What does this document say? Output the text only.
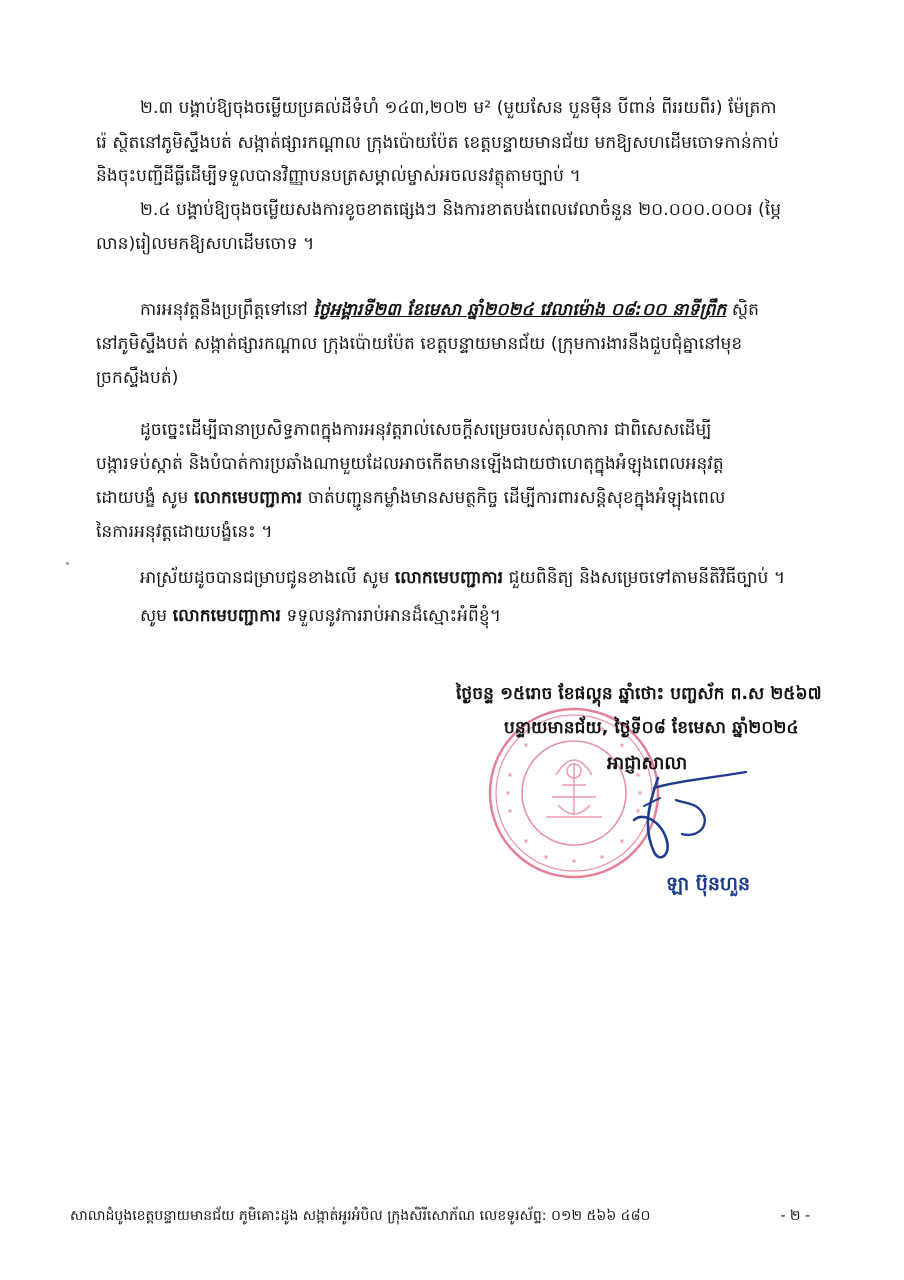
២.៣ បង្គាប់ឱ្យចុងចម្លើយប្រគល់ដីទំហំ ១៤៣,២០២ ម² (មួយសែន បួនម៉ឺន បីពាន់ ពីររយពីរ) ម៉ែត្រកា
រ៉េ ស្ថិតនៅភូមិស្ទឹងបត់ សង្កាត់ផ្សារកណ្ដាល ក្រុងប៉ោយប៉ែត ខេត្តបន្ទាយមានជ័យ មកឱ្យសហដើមចោទកាន់កាប់
និងចុះបញ្ជីដីធ្លីដើម្បីទទួលបានវិញ្ញាបនបត្រសម្គាល់ម្ចាស់អចលនវត្ថុតាមច្បាប់ ។
២.៤ បង្គាប់ឱ្យចុងចម្លើយសងការខូចខាតផ្សេងៗ និងការខាតបង់ពេលវេលាចំនួន ២០.០០០.០០០៛ (ម្ភៃ
លាន)រៀលមកឱ្យសហដើមចោទ ។
ការអនុវត្តនឹងប្រព្រឹត្តទៅនៅ ថ្ងៃអង្គារទី២៣ ខែមេសា ឆ្នាំ២០២៤ វេលាម៉ោង ០៨:០០ នាទីព្រឹក ស្ថិត
នៅភូមិស្ទឹងបត់ សង្កាត់ផ្សារកណ្ដាល ក្រុងប៉ោយប៉ែត ខេត្តបន្ទាយមានជ័យ (ក្រុមការងារនឹងជួបជុំគ្នានៅមុខ
ច្រកស្ទឹងបត់)
ដូចច្នេះដើម្បីធានាប្រសិទ្ធភាពក្នុងការអនុវត្តរាល់សេចក្ដីសម្រេចរបស់តុលាការ ជាពិសេសដើម្បី
បង្ការទប់ស្កាត់ និងបំបាត់ការប្រឆាំងណាមួយដែលអាចកើតមានឡើងជាយថាហេតុក្នុងអំឡុងពេលអនុវត្ត
ដោយបង្ខំ សូម លោកមេបញ្ជាការ ចាត់បញ្ជូនកម្លាំងមានសមត្ថកិច្ច ដើម្បីការពារសន្តិសុខក្នុងអំឡុងពេល
នៃការអនុវត្តដោយបង្ខំនេះ ។
អាស្រ័យដូចបានជម្រាបជូនខាងលើ សូម លោកមេបញ្ជាការ ជួយពិនិត្យ និងសម្រេចទៅតាមនីតិវិធីច្បាប់ ។
សូម លោកមេបញ្ជាការ ទទួលនូវការរាប់អានដ៏ស្មោះអំពីខ្ញុំ។
ថ្ងៃចន្ទ ១៥រោច ខែផល្គុន ឆ្នាំថោះ បញ្ចស័ក ព.ស ២៥៦៧
បន្ទាយមានជ័យ, ថ្ងៃទី០៨ ខែមេសា ឆ្នាំ២០២៤
អាជ្ញាសាលា
ឡា ប៊ុនហួន
សាលាដំបូងខេត្តបន្ទាយមានជ័យ ភូមិគោះដូង សង្កាត់អូរអំបិល ក្រុងសិរីសោភ័ណ លេខទូរស័ព្ទ: ០១២ ៥៦៦ ៤៨០	- ២ -
